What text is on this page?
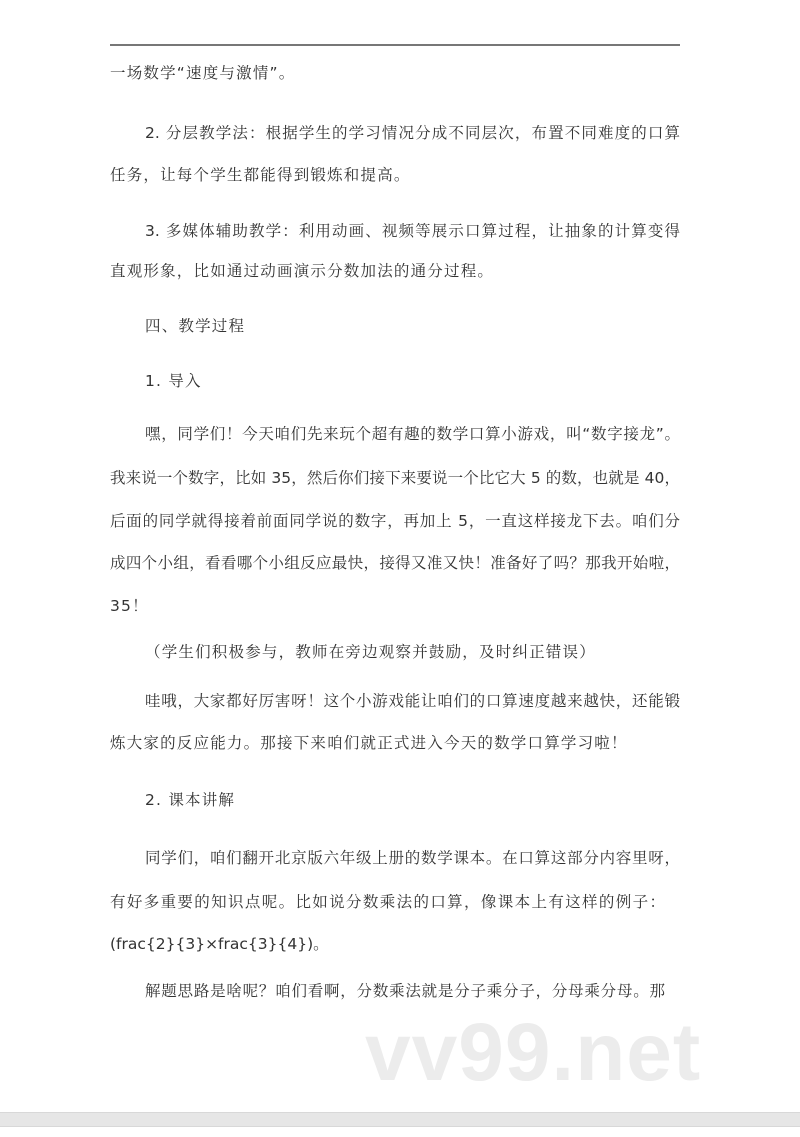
一场数学“速度与激情”。
2. 分层教学法：根据学生的学习情况分成不同层次，布置不同难度的口算
任务，让每个学生都能得到锻炼和提高。
3. 多媒体辅助教学：利用动画、视频等展示口算过程，让抽象的计算变得
直观形象，比如通过动画演示分数加法的通分过程。
四、教学过程
1. 导入
嘿，同学们！今天咱们先来玩个超有趣的数学口算小游戏，叫“数字接龙”。
我来说一个数字，比如 35，然后你们接下来要说一个比它大 5 的数，也就是 40，
后面的同学就得接着前面同学说的数字，再加上 5，一直这样接龙下去。咱们分
成四个小组，看看哪个小组反应最快，接得又准又快！准备好了吗？那我开始啦，
35！
（学生们积极参与，教师在旁边观察并鼓励，及时纠正错误）
哇哦，大家都好厉害呀！这个小游戏能让咱们的口算速度越来越快，还能锻
炼大家的反应能力。那接下来咱们就正式进入今天的数学口算学习啦！
2. 课本讲解
同学们，咱们翻开北京版六年级上册的数学课本。在口算这部分内容里呀，
有好多重要的知识点呢。比如说分数乘法的口算，像课本上有这样的例子：
(frac{2}{3}×frac{3}{4})。
解题思路是啥呢？咱们看啊，分数乘法就是分子乘分子，分母乘分母。那
vv99.net
